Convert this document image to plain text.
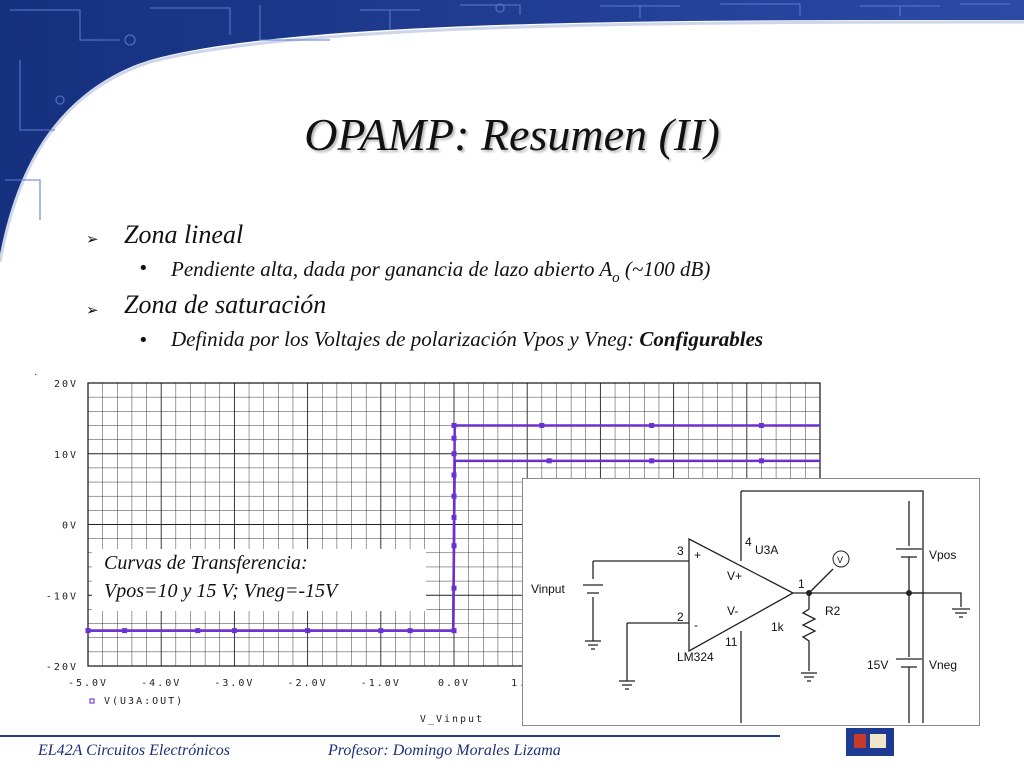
OPAMP: Resumen (II)
➢ Zona lineal
• Pendiente alta, dada por ganancia de lazo abierto $A_o$ (~100 dB)
➢ Zona de saturación
• Definida por los Voltajes de polarización Vpos y Vneg: Configurables
20V
10V
0V
-10V
-20V
-5.0V	-4.0V	-3.0V	-2.0V	-1.0V	0.0V	1.0V
V_Vinput
V(U3A:OUT)
·
Curvas de Transferencia:
Vpos=10 y 15 V; Vneg=-15V
3
2
1
4
11
U3A
V+
V-
+
-
LM324
Vinput
R2
1k
Vpos
Vneg
15V
V
EL42A Circuitos Electrónicos	Profesor: Domingo Morales Lizama
